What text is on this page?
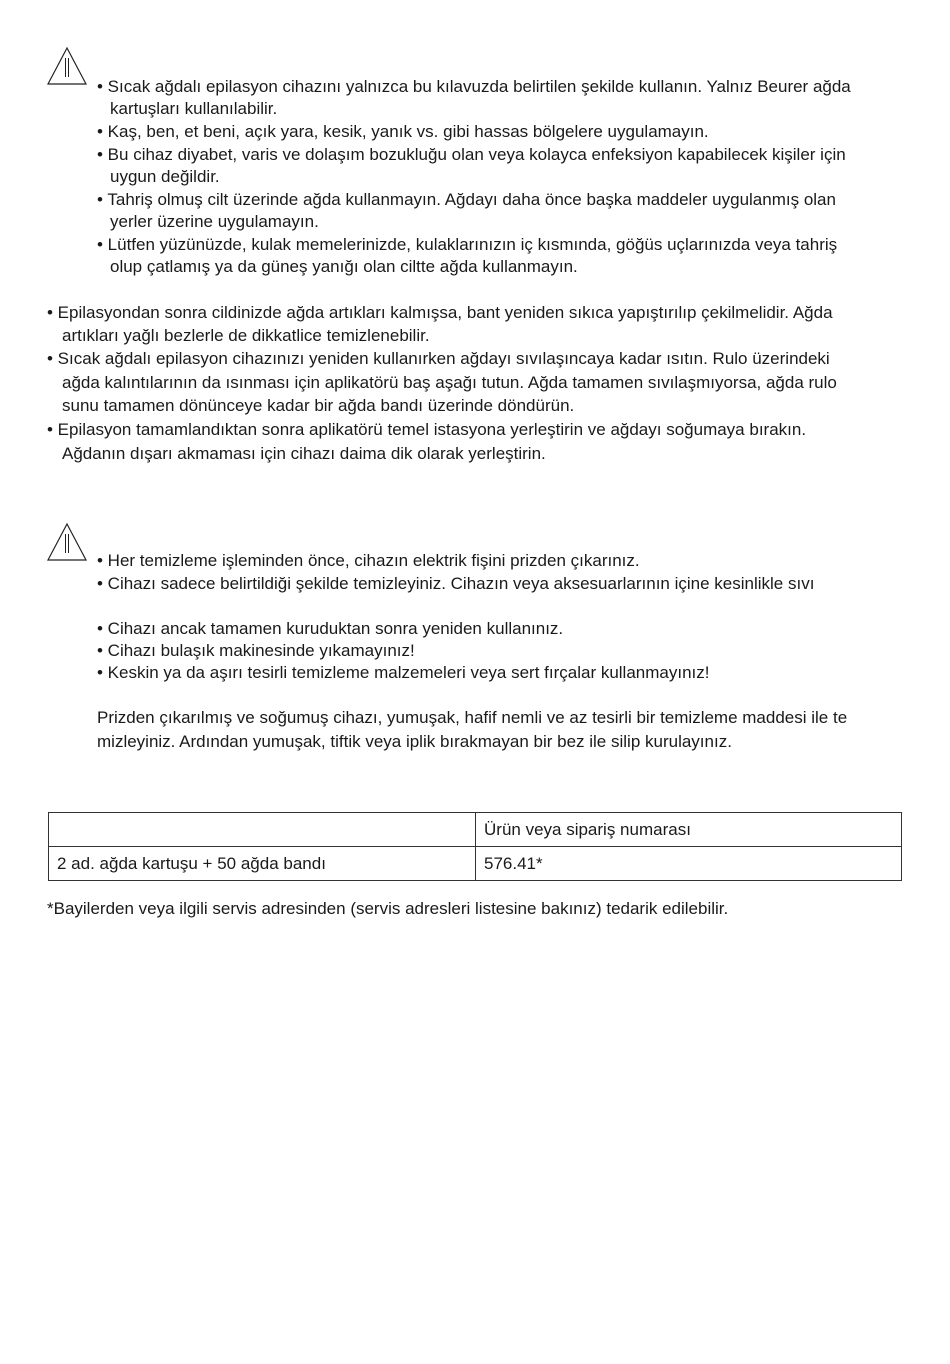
• Sıcak ağdalı epilasyon cihazını yalnızca bu kılavuzda belirtilen şekilde kullanın. Yalnız Beurer ağda
kartuşları kullanılabilir.
• Kaş, ben, et beni, açık yara, kesik, yanık vs. gibi hassas bölgelere uygulamayın.
• Bu cihaz diyabet, varis ve dolaşım bozukluğu olan veya kolayca enfeksiyon kapabilecek kişiler için
uygun değildir.
• Tahriş olmuş cilt üzerinde ağda kullanmayın. Ağdayı daha önce başka maddeler uygulanmış olan
yerler üzerine uygulamayın.
• Lütfen yüzünüzde, kulak memelerinizde, kulaklarınızın iç kısmında, göğüs uçlarınızda veya tahriş
olup çatlamış ya da güneş yanığı olan ciltte ağda kullanmayın.
• Epilasyondan sonra cildinizde ağda artıkları kalmışsa, bant yeniden sıkıca yapıştırılıp çekilmelidir. Ağda
artıkları yağlı bezlerle de dikkatlice temizlenebilir.
• Sıcak ağdalı epilasyon cihazınızı yeniden kullanırken ağdayı sıvılaşıncaya kadar ısıtın. Rulo üzerindeki
ağda kalıntılarının da ısınması için aplikatörü baş aşağı tutun. Ağda tamamen sıvılaşmıyorsa, ağda rulo
sunu tamamen dönünceye kadar bir ağda bandı üzerinde döndürün.
• Epilasyon tamamlandıktan sonra aplikatörü temel istasyona yerleştirin ve ağdayı soğumaya bırakın.
Ağdanın dışarı akmaması için cihazı daima dik olarak yerleştirin.
• Her temizleme işleminden önce, cihazın elektrik fişini prizden çıkarınız.
• Cihazı sadece belirtildiği şekilde temizleyiniz. Cihazın veya aksesuarlarının içine kesinlikle sıvı
• Cihazı ancak tamamen kuruduktan sonra yeniden kullanınız.
• Cihazı bulaşık makinesinde yıkamayınız!
• Keskin ya da aşırı tesirli temizleme malzemeleri veya sert fırçalar kullanmayınız!
Prizden çıkarılmış ve soğumuş cihazı, yumuşak, hafif nemli ve az tesirli bir temizleme maddesi ile te
mizleyiniz. Ardından yumuşak, tiftik veya iplik bırakmayan bir bez ile silip kurulayınız.
	Ürün veya sipariş numarası
2 ad. ağda kartuşu + 50 ağda bandı	576.41*
*Bayilerden veya ilgili servis adresinden (servis adresleri listesine bakınız) tedarik edilebilir.
